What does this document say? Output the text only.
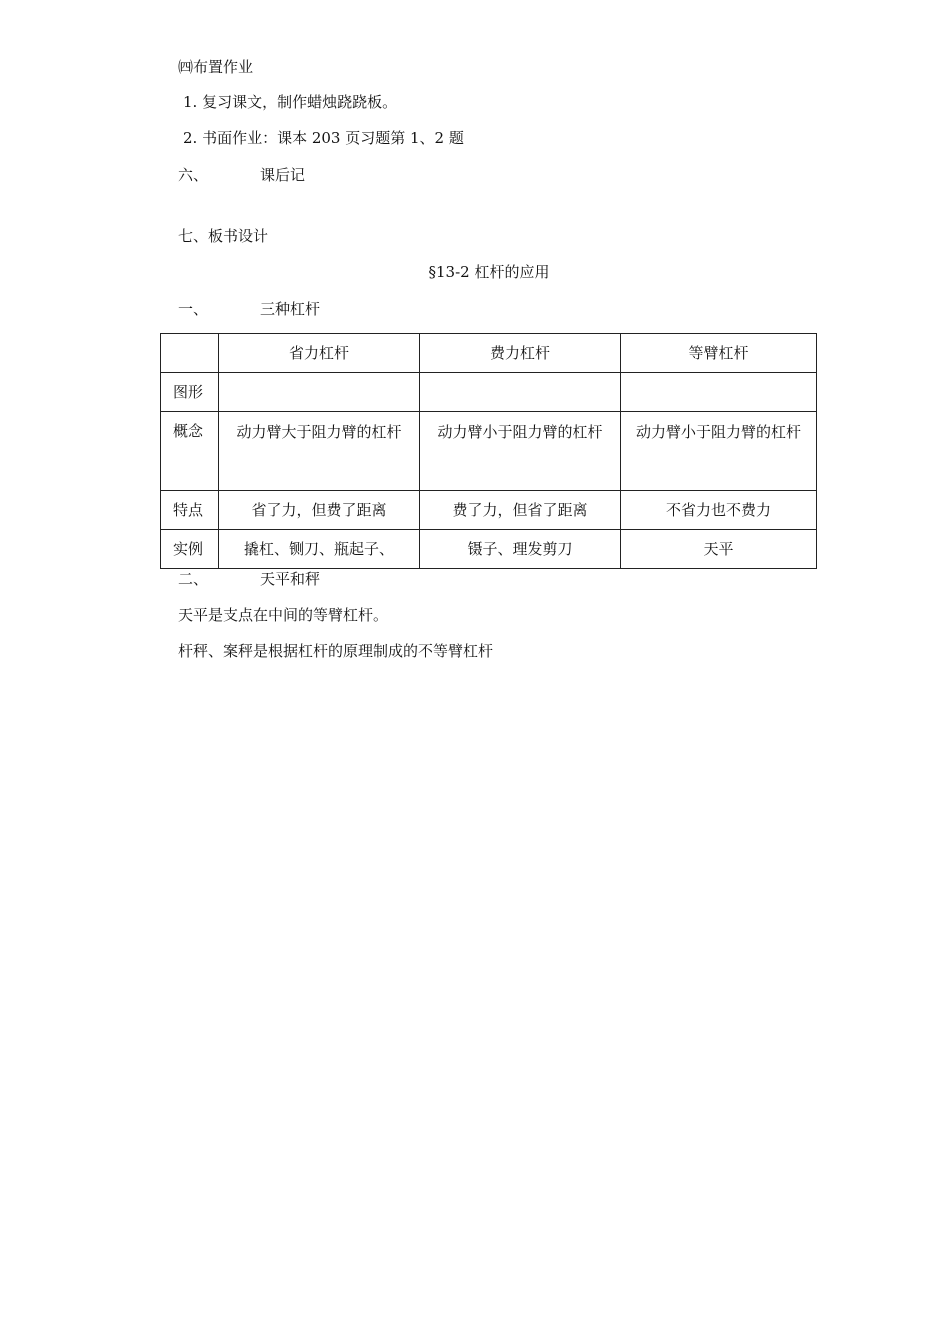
㈣布置作业
1. 复习课文，制作蜡烛跷跷板。
2. 书面作业：课本 203 页习题第 1、2 题
六、	课后记
七、板书设计
§13-2 杠杆的应用
一、	三种杠杆
	省力杠杆	费力杠杆	等臂杠杆
图形			
概念	动力臂大于阻力臂的杠杆	动力臂小于阻力臂的杠杆	动力臂小于阻力臂的杠杆
特点	省了力，但费了距离	费了力，但省了距离	不省力也不费力
实例	撬杠、铡刀、瓶起子、	镊子、理发剪刀	天平
二、	天平和秤
天平是支点在中间的等臂杠杆。
杆秤、案秤是根据杠杆的原理制成的不等臂杠杆
